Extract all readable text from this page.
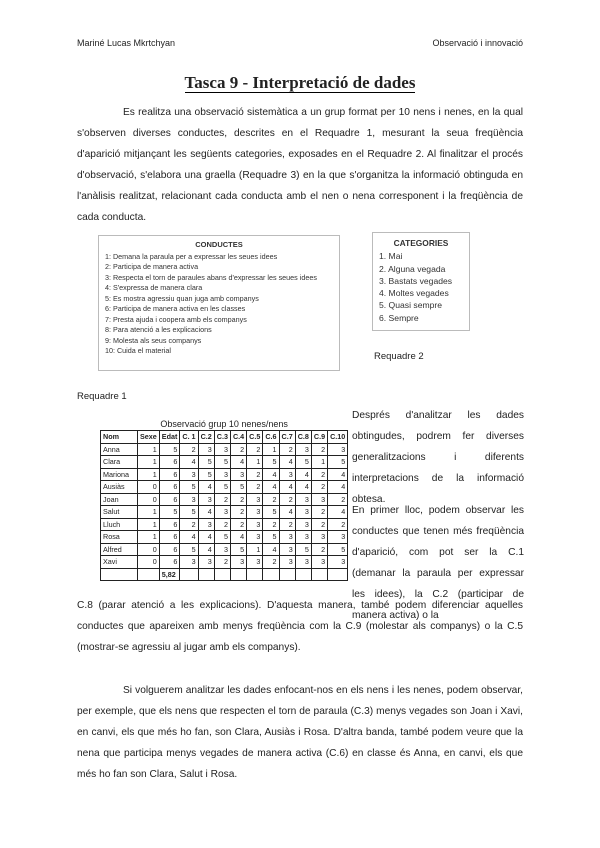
Mariné Lucas Mkrtchyan	Observació i innovació
Tasca 9 - Interpretació de dades
Es realitza una observació sistemàtica a un grup format per 10 nens i nenes, en la qual s'observen diverses conductes, descrites en el Requadre 1, mesurant la seua freqüència d'aparició mitjançant les següents categories, exposades en el Requadre 2. Al finalitzar el procés d'observació, s'elabora una graella (Requadre 3) en la que s'organitza la informació obtinguda en l'anàlisis realitzat, relacionant cada conducta amb el nen o nena corresponent i la freqüència de cada conducta.
CONDUCTES
1: Demana la paraula per a expressar les seues idees
2: Participa de manera activa
3: Respecta el torn de paraules abans d'expressar les seues idees
4: S'expressa de manera clara
5: Es mostra agressiu quan juga amb companys
6: Participa de manera activa en les classes
7: Presta ajuda i coopera amb els companys
8: Para atenció a les explicacions
9: Molesta als seus companys
10: Cuida el material
Requadre 1
CATEGORIES
1. Mai
2. Alguna vegada
3. Bastats vegades
4. Moltes vegades
5. Quasi sempre
6. Sempre
Requadre 2
Observació grup 10 nenes/nens												
Nom	Sexe	Edat	C. 1	C.2	C.3	C.4	C.5	C.6	C.7	C.8	C.9	C.10
Anna	1	5	2	3	3	2	2	1	2	3	2	3
Clara	1	6	4	5	5	4	1	5	4	5	1	5
Mariona	1	6	3	5	3	3	2	4	3	4	2	4
Ausiàs	0	6	5	4	5	5	2	4	4	4	2	4
Joan	0	6	3	3	2	2	3	2	2	3	3	2
Salut	1	5	5	4	3	2	3	5	4	3	2	4
Lluch	1	6	2	3	2	2	3	2	2	3	2	2
Rosa	1	6	4	4	5	4	3	5	3	3	3	3
Alfred	0	6	5	4	3	5	1	4	3	5	2	5
Xavi	0	6	3	3	2	3	3	2	3	3	3	3
		5,82										
Després d'analitzar les dades obtingudes, podrem fer diverses generalitzacions i diferents interpretacions de la informació obtesa.
En primer lloc, podem observar les conductes que tenen més freqüència d'aparició, com pot ser la C.1 (demanar la paraula per expressar les idees), la C.2 (participar de manera activa) o la
C.8 (parar atenció a les explicacions). D'aquesta manera, també podem diferenciar aquelles conductes que apareixen amb menys freqüència com la C.9 (molestar als companys) o la C.5 (mostrar-se agressiu al jugar amb els companys).
Si volguerem analitzar les dades enfocant-nos en els nens i les nenes, podem observar, per exemple, que els nens que respecten el torn de paraula (C.3) menys vegades son Joan i Xavi, en canvi, els que més ho fan, son Clara, Ausiàs i Rosa. D'altra banda, també podem veure que la nena que participa menys vegades de manera activa (C.6) en classe és Anna, en canvi, els que més ho fan son Clara, Salut i Rosa.
